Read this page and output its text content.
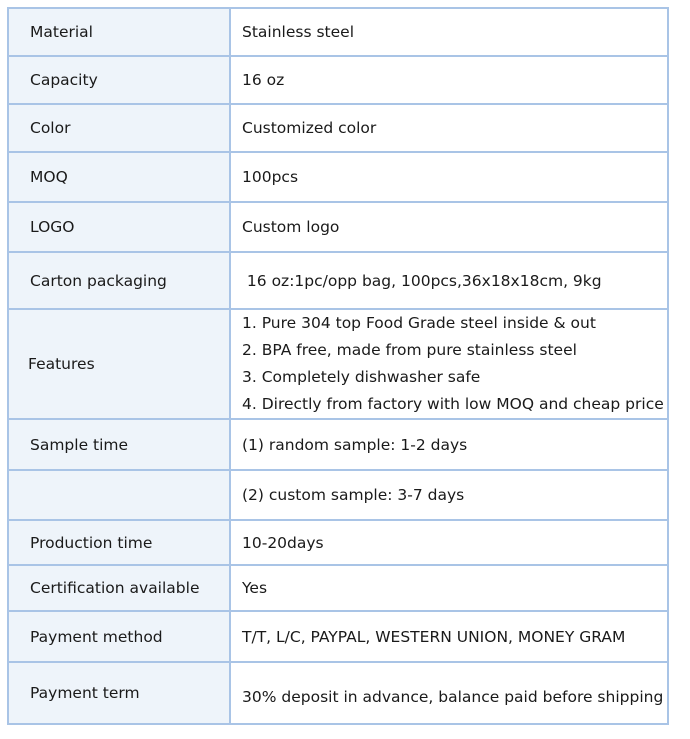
Material	Stainless steel
Capacity	16 oz
Color	Customized color
MOQ	100pcs
LOGO	Custom logo
Carton packaging	16 oz:1pc/opp bag, 100pcs,36x18x18cm, 9kg
Features	1. Pure 304 top Food Grade steel inside & out
2. BPA free, made from pure stainless steel
3. Completely dishwasher safe
4. Directly from factory with low MOQ and cheap price

Sample time	(1) random sample: 1-2 days
	(2) custom sample: 3-7 days
Production time	10-20days
Certification available	Yes
Payment method	T/T, L/C, PAYPAL, WESTERN UNION, MONEY GRAM
Payment term	30% deposit in advance, balance paid before shipping
